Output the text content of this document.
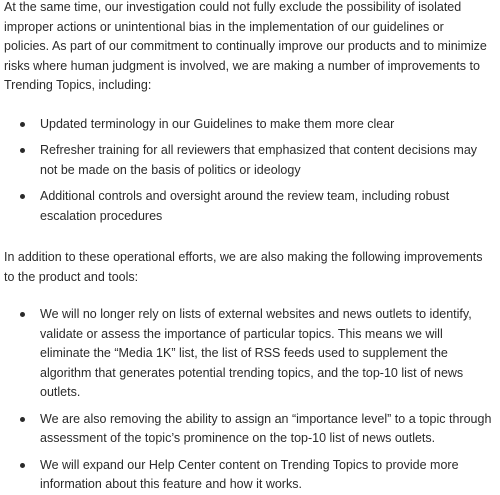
At the same time, our investigation could not fully exclude the possibility of isolated improper actions or unintentional bias in the implementation of our guidelines or policies. As part of our commitment to continually improve our products and to minimize risks where human judgment is involved, we are making a number of improvements to Trending Topics, including:

Updated terminology in our Guidelines to make them more clear
Refresher training for all reviewers that emphasized that content decisions may not be made on the basis of politics or ideology
Additional controls and oversight around the review team, including robust escalation procedures

In addition to these operational efforts, we are also making the following improvements to the product and tools:

We will no longer rely on lists of external websites and news outlets to identify, validate or assess the importance of particular topics. This means we will eliminate the “Media 1K” list, the list of RSS feeds used to supplement the algorithm that generates potential trending topics, and the top-10 list of news outlets.
We are also removing the ability to assign an “importance level” to a topic through assessment of the topic’s prominence on the top-10 list of news outlets.
We will expand our Help Center content on Trending Topics to provide more information about this feature and how it works.
